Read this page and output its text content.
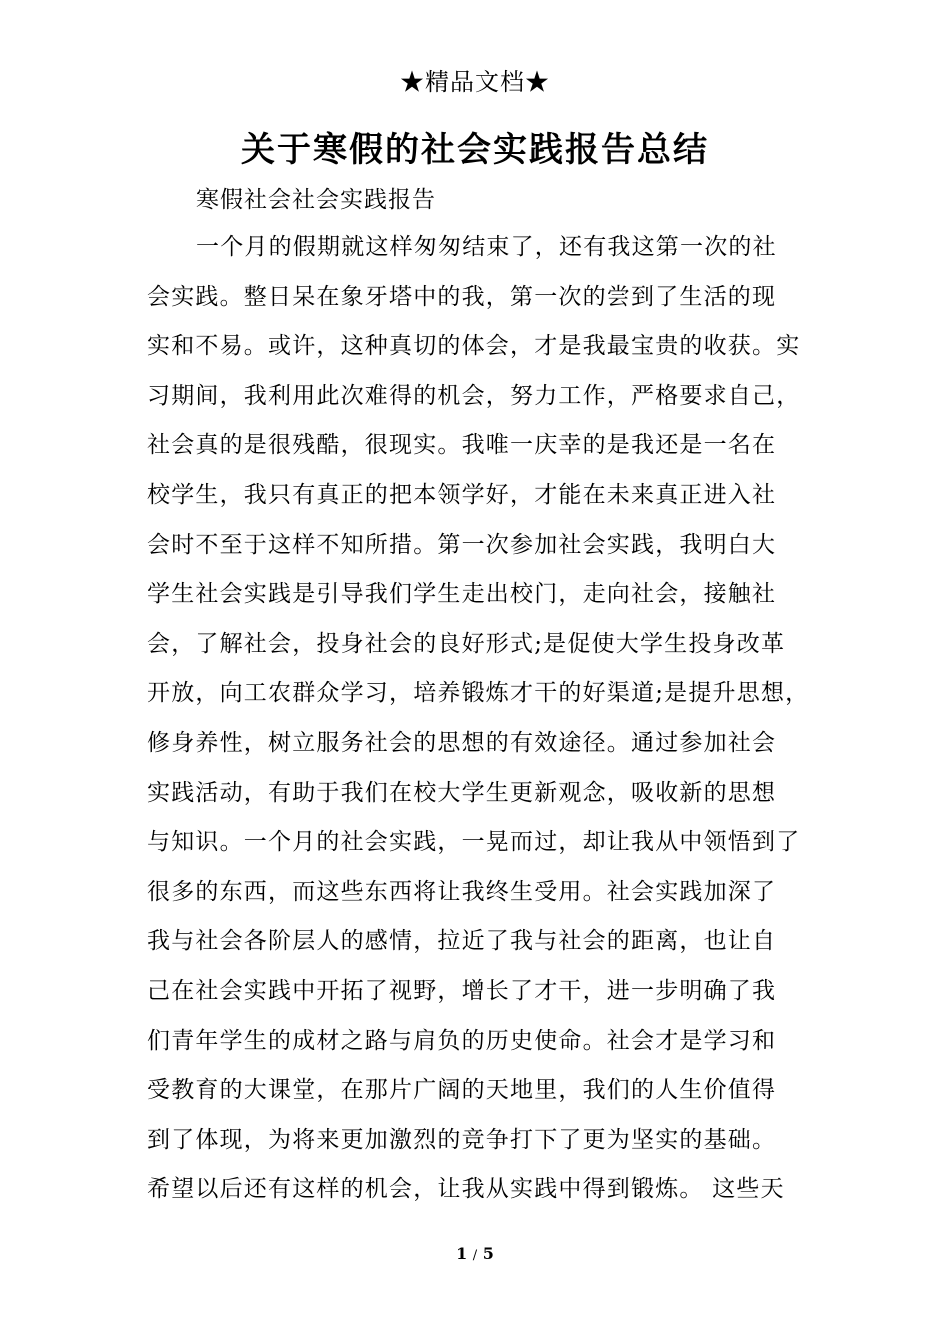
★精品文档★
关于寒假的社会实践报告总结
寒假社会社会实践报告
一个月的假期就这样匆匆结束了，还有我这第一次的社
会实践。整日呆在象牙塔中的我，第一次的尝到了生活的现
实和不易。或许，这种真切的体会，才是我最宝贵的收获。实
习期间，我利用此次难得的机会，努力工作，严格要求自己，
社会真的是很残酷，很现实。我唯一庆幸的是我还是一名在
校学生，我只有真正的把本领学好，才能在未来真正进入社
会时不至于这样不知所措。第一次参加社会实践，我明白大
学生社会实践是引导我们学生走出校门，走向社会，接触社
会，了解社会，投身社会的良好形式;是促使大学生投身改革
开放，向工农群众学习，培养锻炼才干的好渠道;是提升思想，
修身养性，树立服务社会的思想的有效途径。通过参加社会
实践活动，有助于我们在校大学生更新观念，吸收新的思想
与知识。一个月的社会实践，一晃而过，却让我从中领悟到了
很多的东西，而这些东西将让我终生受用。社会实践加深了
我与社会各阶层人的感情，拉近了我与社会的距离，也让自
己在社会实践中开拓了视野，增长了才干，进一步明确了我
们青年学生的成材之路与肩负的历史使命。社会才是学习和
受教育的大课堂，在那片广阔的天地里，我们的人生价值得
到了体现，为将来更加激烈的竞争打下了更为坚实的基础。
希望以后还有这样的机会，让我从实践中得到锻炼。 这些天
1 / 5
